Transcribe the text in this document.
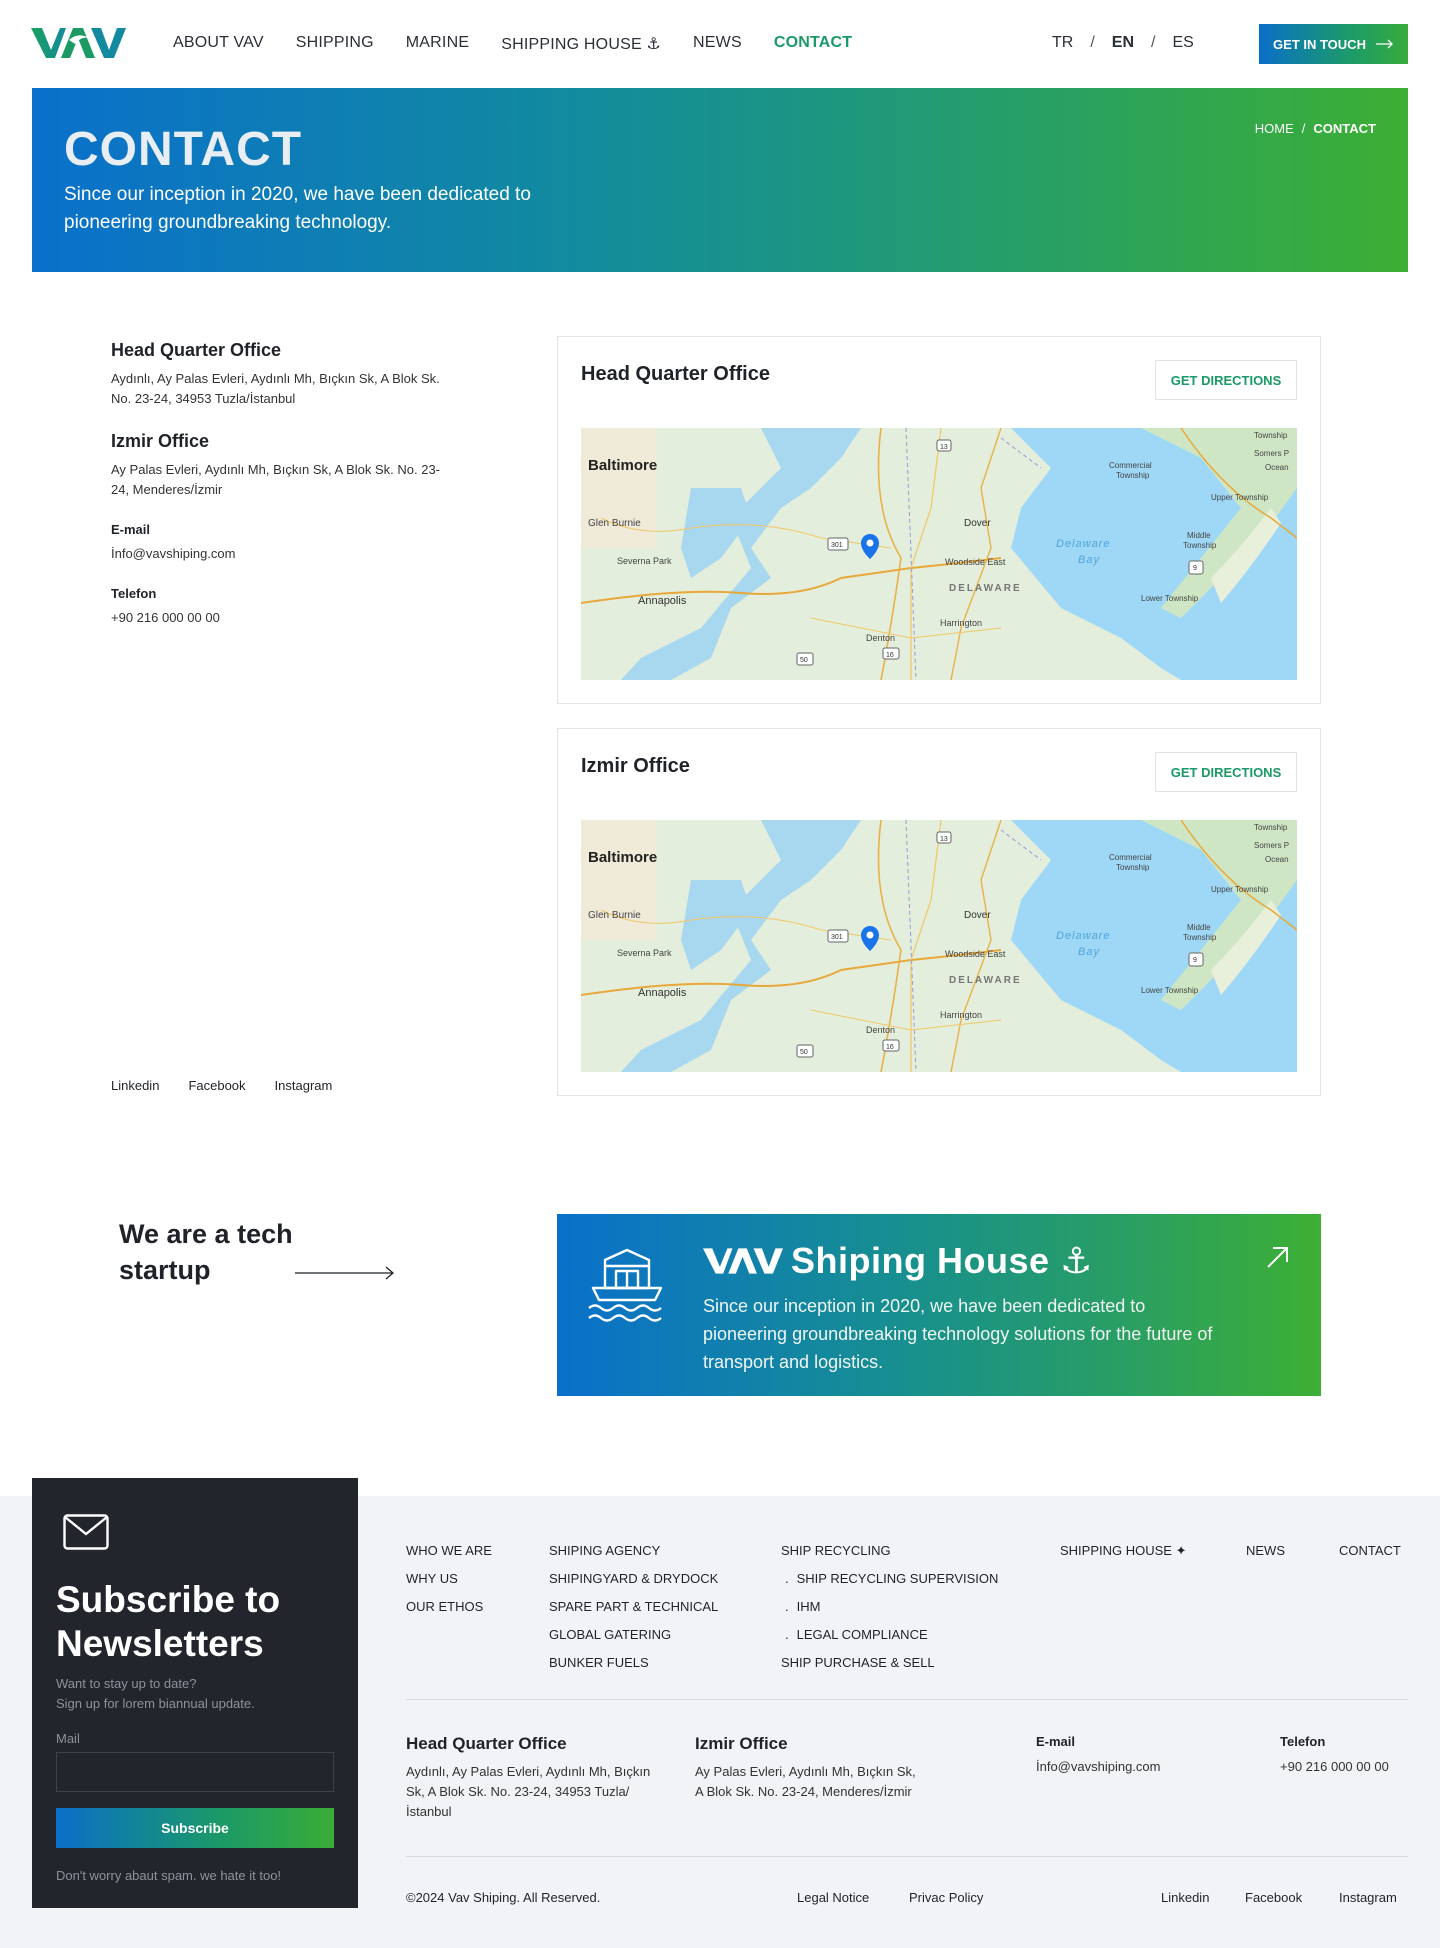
ABOUT VAV SHIPPING MARINE SHIPPING HOUSE ⚓ NEWS CONTACT	TR / EN / ES	GET IN TOUCH
CONTACT

Since our inception in 2020, we have been dedicated to pioneering groundbreaking technology.

HOME / CONTACT
Head Quarter Office

Aydınlı, Ay Palas Evleri, Aydınlı Mh, Bıçkın Sk, A Blok Sk. No. 23-24, 34953 Tuzla/İstanbul

Izmir Office

Ay Palas Evleri, Aydınlı Mh, Bıçkın Sk, A Blok Sk. No. 23-24, Menderes/İzmir

E-mail

İnfo@vavshiping.com

Telefon

+90 216 000 00 00

Linkedin Facebook Instagram
Head Quarter Office	GET DIRECTIONS
Baltimore
Glen Burnie
Severna Park
Annapolis
Dover
Woodside East
DELAWARE
Harrington
Denton
Delaware
Bay
Commercial
Township
Upper Township
Middle
Township
Lower Township
Somers P
Ocean
Township
13
301
9
50
16
Izmir Office	GET DIRECTIONS
Baltimore
Glen Burnie
Severna Park
Annapolis
Dover
Woodside East
DELAWARE
Harrington
Denton
Delaware
Bay
Commercial
Township
Upper Township
Middle
Township
Lower Township
Somers P
Ocean
Township
13
301
9
50
16
We are a tech
startup	Shiping House ⚓

Since our inception in 2020, we have been dedicated to pioneering groundbreaking technology solutions for the future of transport and logistics.

Subscribe to Newsletters
Want to stay up to date?
Sign up for lorem biannual update.
Mail
Subscribe
Don't worry abaut spam. we hate it too!
WHO WE ARE
WHY US
OUR ETHOS
SHIPING AGENCY
SHIPINGYARD & DRYDOCK
SPARE PART & TECHNICAL
GLOBAL GATERING
BUNKER FUELS
SHIP RECYCLING
. SHIP RECYCLING SUPERVISION
. IHM
. LEGAL COMPLIANCE
SHIP PURCHASE & SELL
SHIPPING HOUSE ✦	NEWS	CONTACT
Head Quarter Office

Aydınlı, Ay Palas Evleri, Aydınlı Mh, Bıçkın Sk, A Blok Sk. No. 23-24, 34953 Tuzla/İstanbul

Izmir Office

Ay Palas Evleri, Aydınlı Mh, Bıçkın Sk, A Blok Sk. No. 23-24, Menderes/İzmir

E-mail

İnfo@vavshiping.com

Telefon

+90 216 000 00 00

©2024 Vav Shiping. All Reserved.	Legal Notice	Privac Policy	Linkedin	Facebook	Instagram
